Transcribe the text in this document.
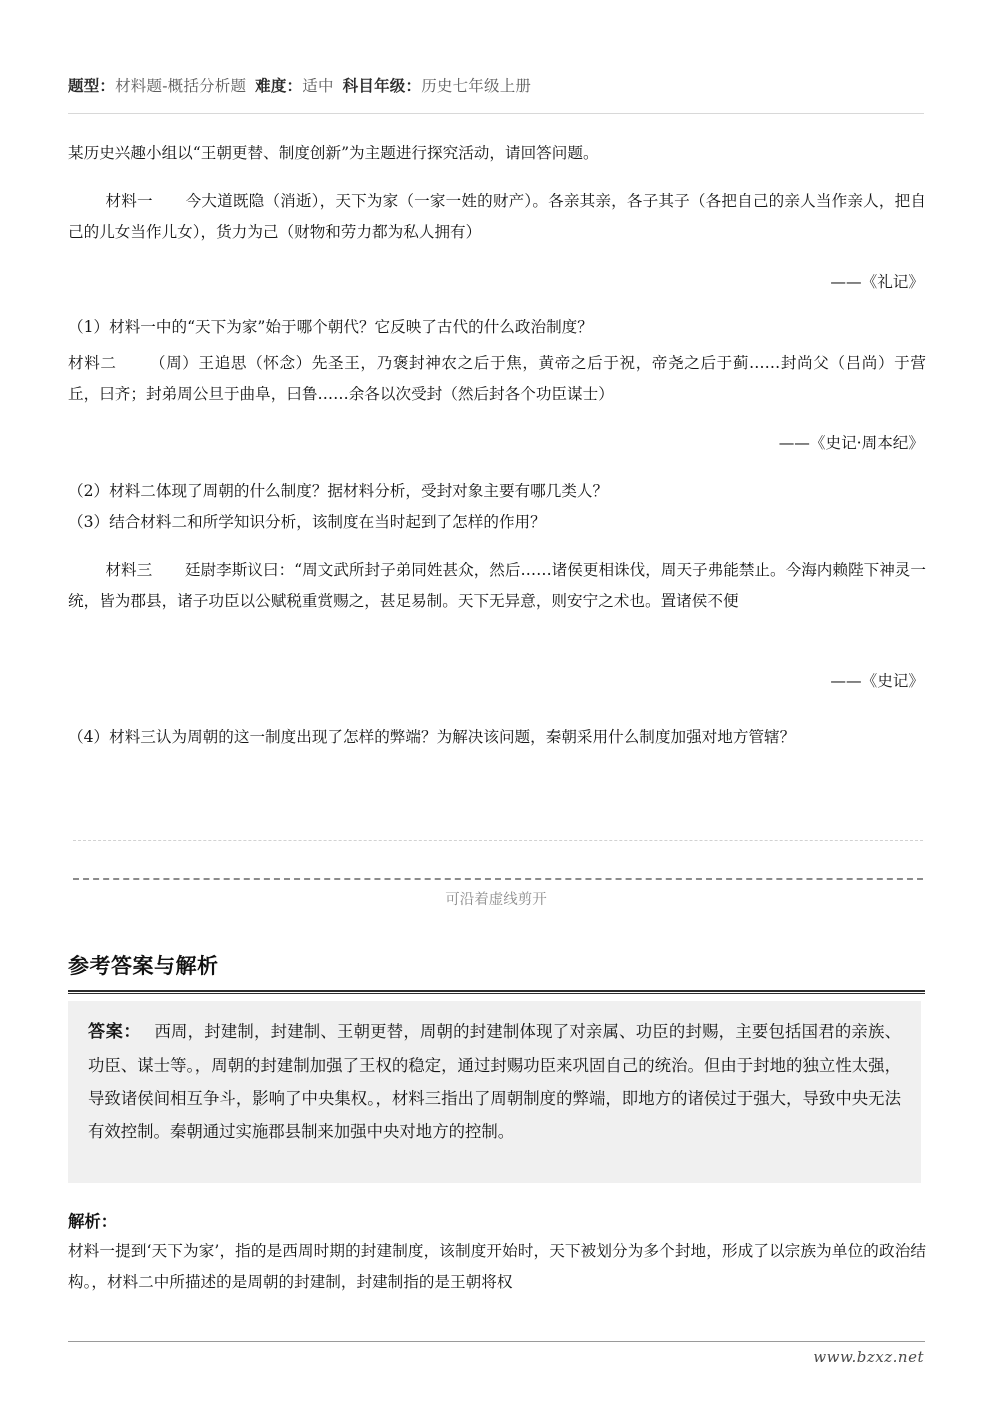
题型：材料题-概括分析题 难度：适中 科目年级：历史七年级上册
某历史兴趣小组以“王朝更替、制度创新”为主题进行探究活动，请回答问题。
材料一 今大道既隐（消逝），天下为家（一家一姓的财产）。各亲其亲，各子其子（各把自己的亲人当作亲人，把自己的儿女当作儿女），货力为己（财物和劳力都为私人拥有）
——《礼记》
（1）材料一中的“天下为家”始于哪个朝代？它反映了古代的什么政治制度？
材料二 （周）王追思（怀念）先圣王，乃褒封神农之后于焦，黄帝之后于祝，帝尧之后于蓟……封尚父（吕尚）于营丘，曰齐；封弟周公旦于曲阜，曰鲁……余各以次受封（然后封各个功臣谋士）
——《史记·周本纪》
（2）材料二体现了周朝的什么制度？据材料分析，受封对象主要有哪几类人？
（3）结合材料二和所学知识分析，该制度在当时起到了怎样的作用？
材料三 廷尉李斯议曰：“周文武所封子弟同姓甚众，然后……诸侯更相诛伐，周天子弗能禁止。今海内赖陛下神灵一统，皆为郡县，诸子功臣以公赋税重赏赐之，甚足易制。天下无异意，则安宁之术也。置诸侯不便
——《史记》
（4）材料三认为周朝的这一制度出现了怎样的弊端？为解决该问题，秦朝采用什么制度加强对地方管辖？
可沿着虚线剪开
参考答案与解析

答案： 西周，封建制，封建制、王朝更替，周朝的封建制体现了对亲属、功臣的封赐，主要包括国君的亲族、功臣、谋士等。，周朝的封建制加强了王权的稳定，通过封赐功臣来巩固自己的统治。但由于封地的独立性太强，导致诸侯间相互争斗，影响了中央集权。，材料三指出了周朝制度的弊端，即地方的诸侯过于强大，导致中央无法有效控制。秦朝通过实施郡县制来加强中央对地方的控制。

解析：
材料一提到‘天下为家’，指的是西周时期的封建制度，该制度开始时，天下被划分为多个封地，形成了以宗族为单位的政治结构。，材料二中所描述的是周朝的封建制，封建制指的是王朝将权
www.bzxz.net
